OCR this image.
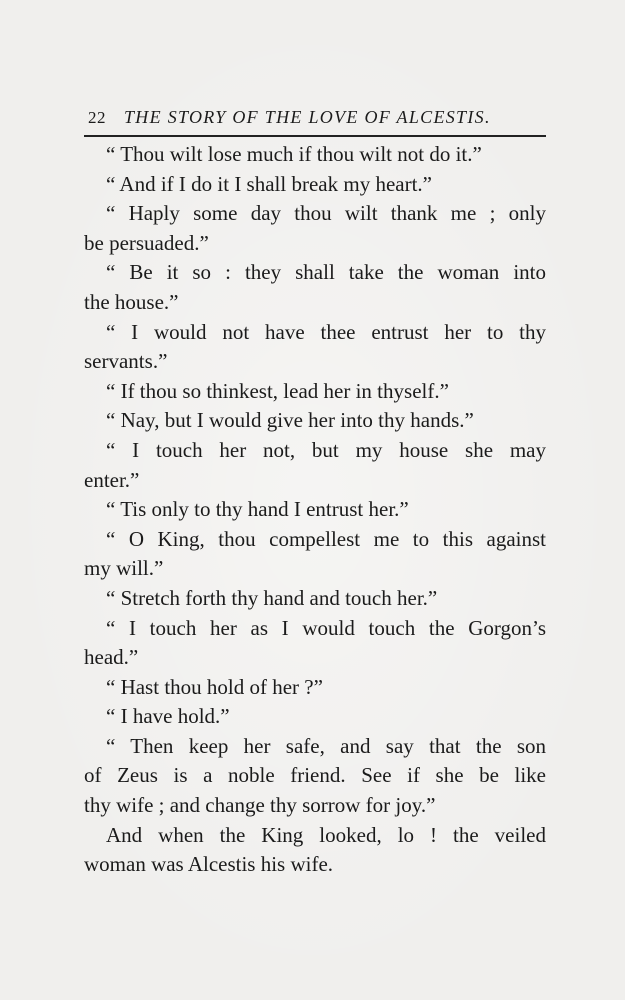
22 THE STORY OF THE LOVE OF ALCESTIS.
“ Thou wilt lose much if thou wilt not do it.”
“ And if I do it I shall break my heart.”
“ Haply some day thou wilt thank me ; only
be persuaded.”
“ Be it so : they shall take the woman into
the house.”
“ I would not have thee entrust her to thy
servants.”
“ If thou so thinkest, lead her in thyself.”
“ Nay, but I would give her into thy hands.”
“ I touch her not, but my house she may
enter.”
“ Tis only to thy hand I entrust her.”
“ O King, thou compellest me to this against
my will.”
“ Stretch forth thy hand and touch her.”
“ I touch her as I would touch the Gorgon’s
head.”
“ Hast thou hold of her ?”
“ I have hold.”
“ Then keep her safe, and say that the son
of Zeus is a noble friend. See if she be like
thy wife ; and change thy sorrow for joy.”
And when the King looked, lo ! the veiled
woman was Alcestis his wife.
